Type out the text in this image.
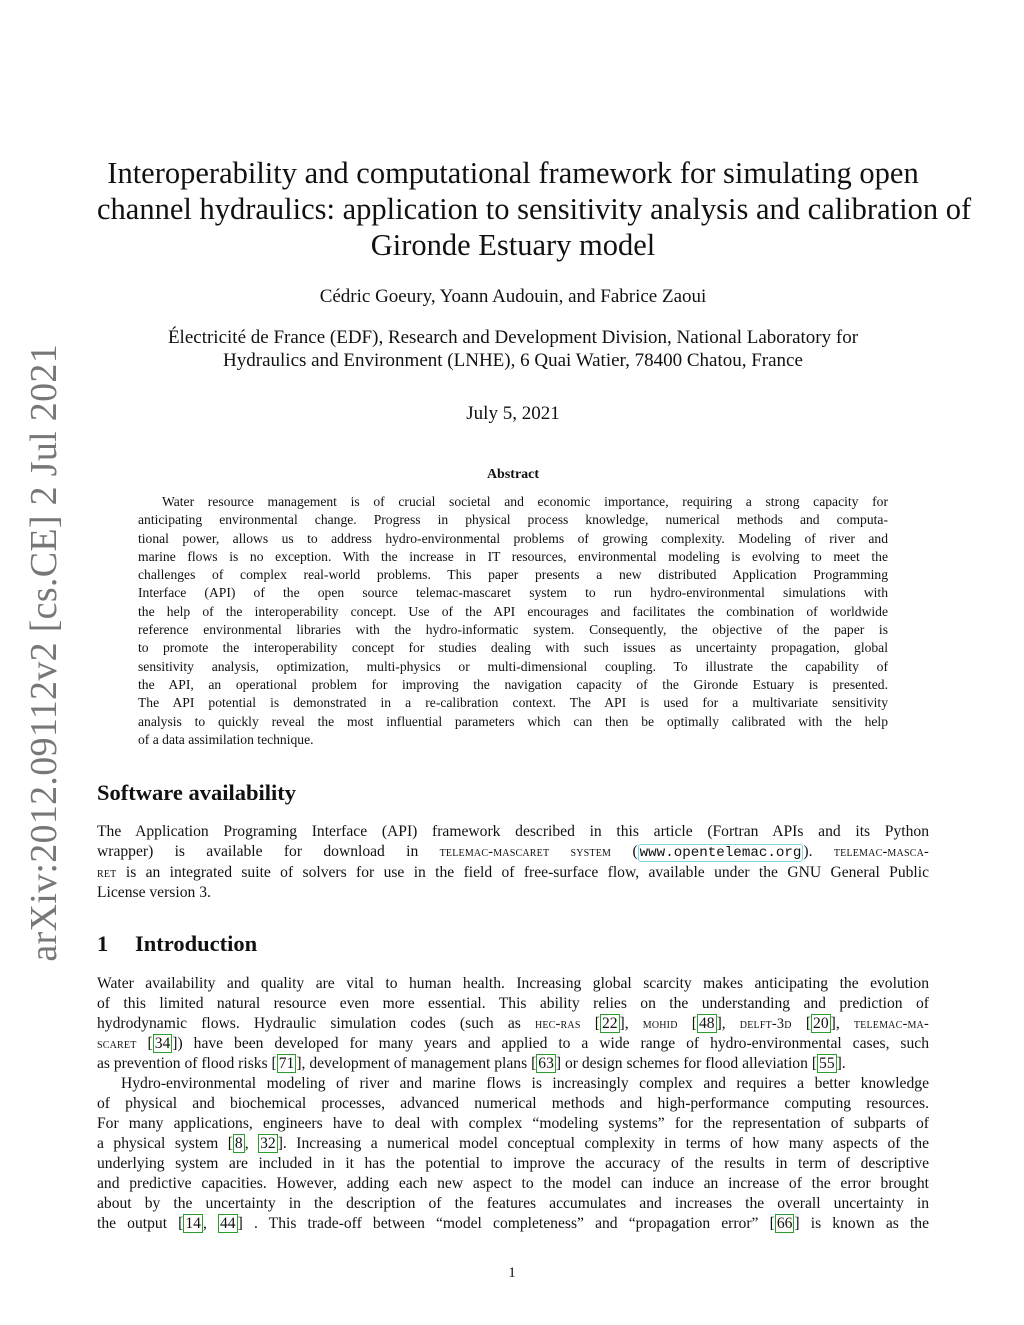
arXiv:2012.09112v2 [cs.CE] 2 Jul 2021
Interoperability and computational framework for simulating open
channel hydraulics: application to sensitivity analysis and calibration of
Gironde Estuary model
Cédric Goeury, Yoann Audouin, and Fabrice Zaoui
Électricité de France (EDF), Research and Development Division, National Laboratory for
Hydraulics and Environment (LNHE), 6 Quai Watier, 78400 Chatou, France
July 5, 2021
Abstract
Water resource management is of crucial societal and economic importance, requiring a strong capacity for
anticipating environmental change. Progress in physical process knowledge, numerical methods and computa-
tional power, allows us to address hydro-environmental problems of growing complexity. Modeling of river and
marine flows is no exception. With the increase in IT resources, environmental modeling is evolving to meet the
challenges of complex real-world problems. This paper presents a new distributed Application Programming
Interface (API) of the open source telemac-mascaret system to run hydro-environmental simulations with
the help of the interoperability concept. Use of the API encourages and facilitates the combination of worldwide
reference environmental libraries with the hydro-informatic system. Consequently, the objective of the paper is
to promote the interoperability concept for studies dealing with such issues as uncertainty propagation, global
sensitivity analysis, optimization, multi-physics or multi-dimensional coupling. To illustrate the capability of
the API, an operational problem for improving the navigation capacity of the Gironde Estuary is presented.
The API potential is demonstrated in a re-calibration context. The API is used for a multivariate sensitivity
analysis to quickly reveal the most influential parameters which can then be optimally calibrated with the help
of a data assimilation technique.
Software availability
The Application Programing Interface (API) framework described in this article (Fortran APIs and its Python
wrapper) is available for download in telemac-mascaret system ( www.opentelemac.org ). telemac-masca-
ret is an integrated suite of solvers for use in the field of free-surface flow, available under the GNU General Public
License version 3.
1 Introduction
Water availability and quality are vital to human health. Increasing global scarcity makes anticipating the evolution
of this limited natural resource even more essential. This ability relies on the understanding and prediction of
hydrodynamic flows. Hydraulic simulation codes (such as hec-ras [ 22 ], mohid [ 48 ], delft-3d [ 20 ], telemac-ma-
scaret [ 34 ]) have been developed for many years and applied to a wide range of hydro-environmental cases, such
as prevention of flood risks [ 71 ], development of management plans [ 63 ] or design schemes for flood alleviation [ 55 ].
Hydro-environmental modeling of river and marine flows is increasingly complex and requires a better knowledge
of physical and biochemical processes, advanced numerical methods and high-performance computing resources.
For many applications, engineers have to deal with complex “modeling systems” for the representation of subparts of
a physical system [ 8 , 32 ]. Increasing a numerical model conceptual complexity in terms of how many aspects of the
underlying system are included in it has the potential to improve the accuracy of the results in term of descriptive
and predictive capacities. However, adding each new aspect to the model can induce an increase of the error brought
about by the uncertainty in the description of the features accumulates and increases the overall uncertainty in
the output [ 14 , 44 ] . This trade-off between “model completeness” and “propagation error” [ 66 ] is known as the
1
